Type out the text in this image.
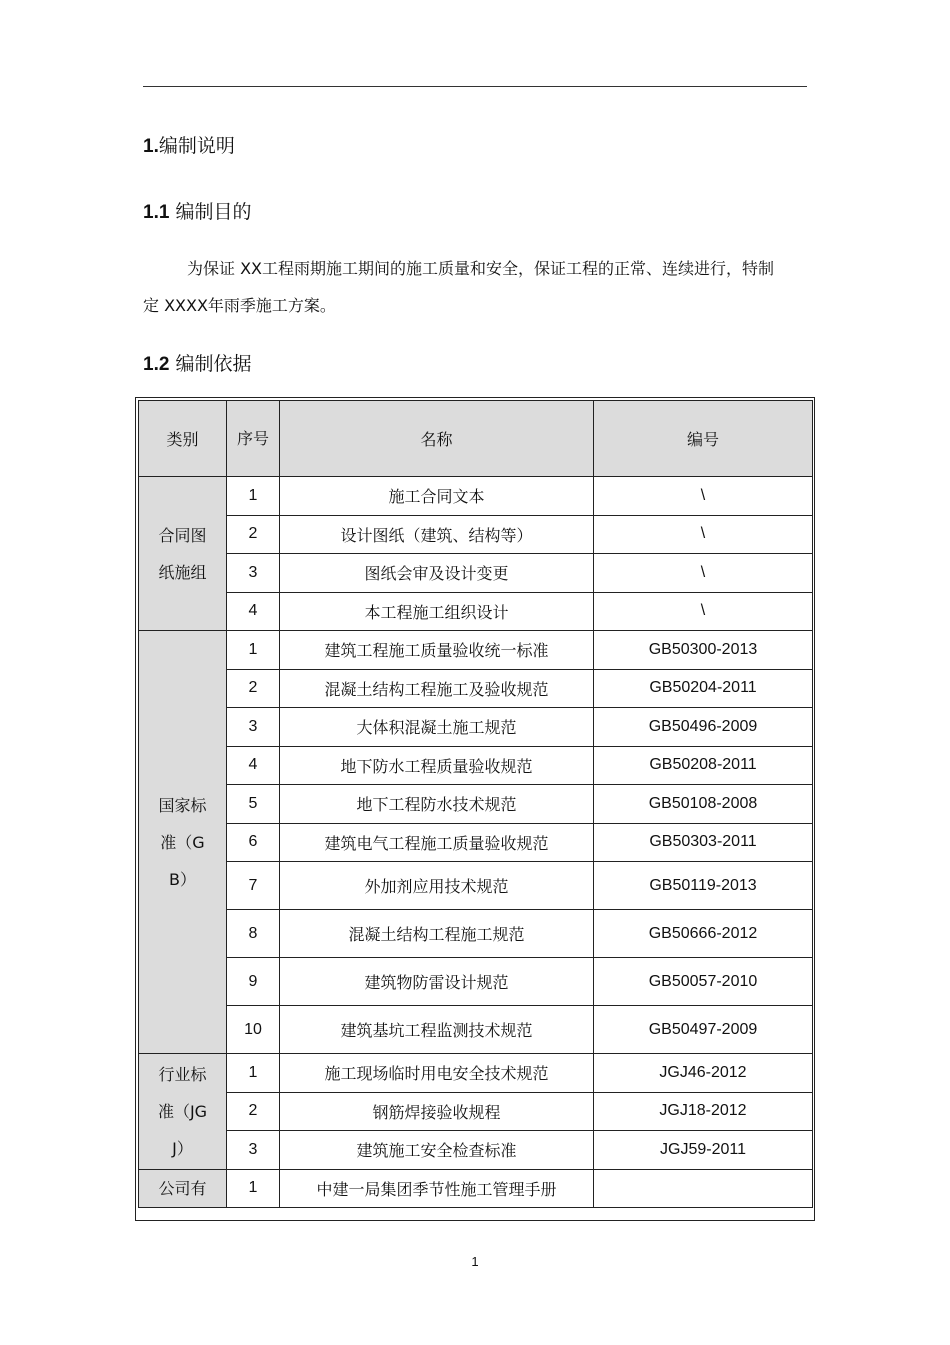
1.编制说明
1.1 编制目的
为保证 XX工程雨期施工期间的施工质量和安全，保证工程的正常、连续进行，特制定 XXXX年雨季施工方案。
1.2 编制依据
类别	序号	名称	编号

合同图纸施组	1	施工合同文本	\
	2	设计图纸（建筑、结构等）	\
	3	图纸会审及设计变更	\
	4	本工程施工组织设计	\

国家标准（GB）	1	建筑工程施工质量验收统一标准	GB50300-2013
	2	混凝土结构工程施工及验收规范	GB50204-2011
	3	大体积混凝土施工规范	GB50496-2009
	4	地下防水工程质量验收规范	GB50208-2011
	5	地下工程防水技术规范	GB50108-2008
	6	建筑电气工程施工质量验收规范	GB50303-2011
	7	外加剂应用技术规范	GB50119-2013
	8	混凝土结构工程施工规范	GB50666-2012
	9	建筑物防雷设计规范	GB50057-2010
	10	建筑基坑工程监测技术规范	GB50497-2009

行业标准（JGJ）	1	施工现场临时用电安全技术规范	JGJ46-2012
	2	钢筋焊接验收规程	JGJ18-2012
	3	建筑施工安全检查标准	JGJ59-2011

公司有	1	中建一局集团季节性施工管理手册	
1
